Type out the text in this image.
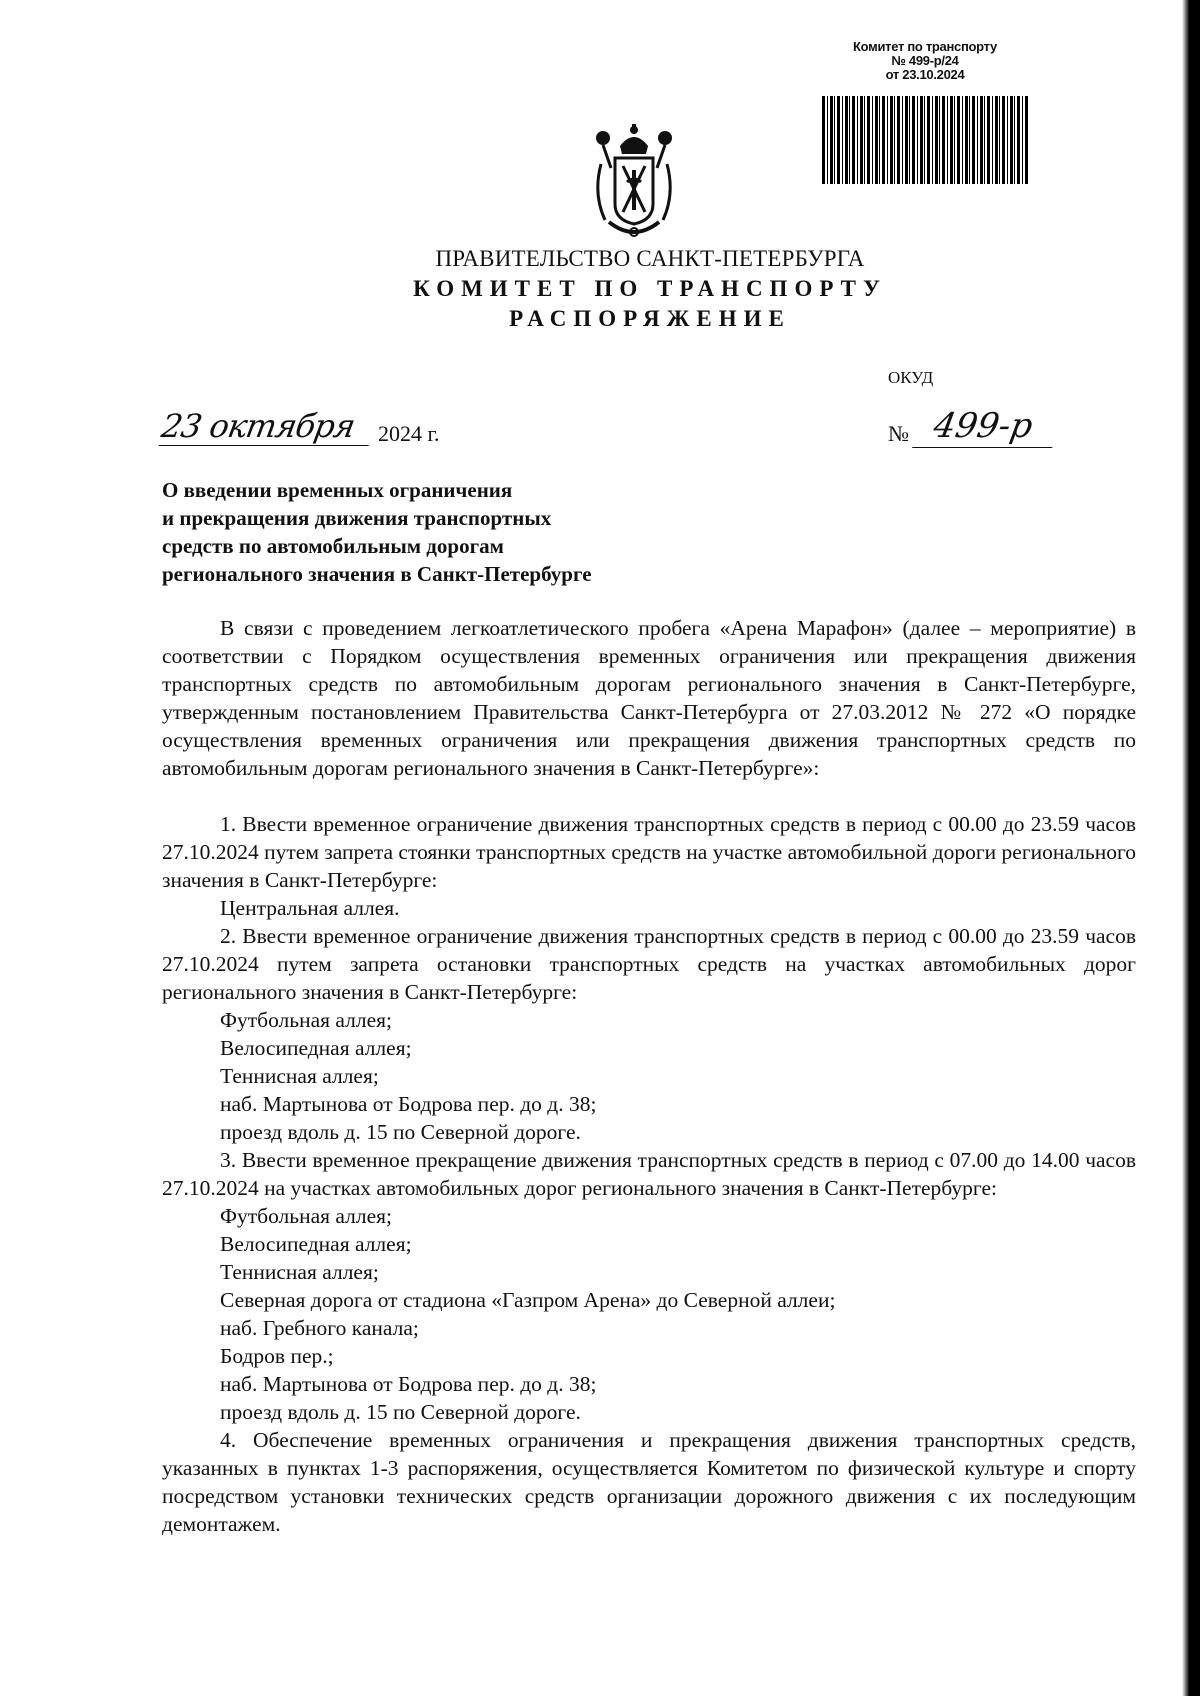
Комитет по транспорту
№ 499-р/24
от 23.10.2024
ПРАВИТЕЛЬСТВО САНКТ-ПЕТЕРБУРГА
КОМИТЕТ ПО ТРАНСПОРТУ
РАСПОРЯЖЕНИЕ
ОКУД
23 октября 2024 г.	№ 499-р
О введении временных ограничения
и прекращения движения транспортных
средств по автомобильным дорогам
регионального значения в Санкт-Петербурге

В связи с проведением легкоатлетического пробега «Арена Марафон» (далее – мероприятие) в соответствии с Порядком осуществления временных ограничения или прекращения движения транспортных средств по автомобильным дорогам регионального значения в Санкт-Петербурге, утвержденным постановлением Правительства Санкт-Петербурга от 27.03.2012 № 272 «О порядке осуществления временных ограничения или прекращения движения транспортных средств по автомобильным дорогам регионального значения в Санкт-Петербурге»:

1. Ввести временное ограничение движения транспортных средств в период с 00.00 до 23.59 часов 27.10.2024 путем запрета стоянки транспортных средств на участке автомобильной дороги регионального значения в Санкт-Петербурге:

Центральная аллея.

2. Ввести временное ограничение движения транспортных средств в период с 00.00 до 23.59 часов 27.10.2024 путем запрета остановки транспортных средств на участках автомобильных дорог регионального значения в Санкт-Петербурге:

Футбольная аллея;

Велосипедная аллея;

Теннисная аллея;

наб. Мартынова от Бодрова пер. до д. 38;

проезд вдоль д. 15 по Северной дороге.

3. Ввести временное прекращение движения транспортных средств в период с 07.00 до 14.00 часов 27.10.2024 на участках автомобильных дорог регионального значения в Санкт-Петербурге:

Футбольная аллея;

Велосипедная аллея;

Теннисная аллея;

Северная дорога от стадиона «Газпром Арена» до Северной аллеи;

наб. Гребного канала;

Бодров пер.;

наб. Мартынова от Бодрова пер. до д. 38;

проезд вдоль д. 15 по Северной дороге.

4. Обеспечение временных ограничения и прекращения движения транспортных средств, указанных в пунктах 1-3 распоряжения, осуществляется Комитетом по физической культуре и спорту посредством установки технических средств организации дорожного движения с их последующим демонтажем.
